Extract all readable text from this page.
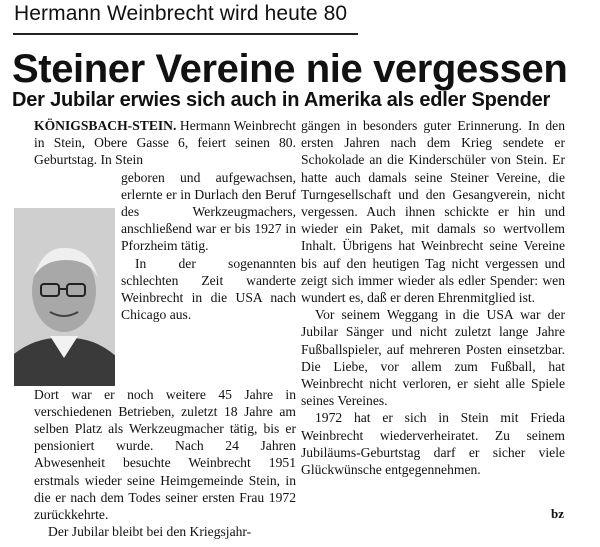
Hermann Weinbrecht wird heute 80
Steiner Vereine nie vergessen
Der Jubilar erwies sich auch in Amerika als edler Spender

KÖNIGSBACH-STEIN. Hermann Weinbrecht in Stein, Obere Gasse 6, feiert seinen 80. Geburtstag. In Stein

geboren und aufgewachsen, erlernte er in Durlach den Beruf des Werkzeugmachers, anschließend war er bis 1927 in Pforzheim tätig.

In der sogenannten schlechten Zeit wanderte Weinbrecht in die USA nach Chicago aus.

Dort war er noch weitere 45 Jahre in verschiedenen Betrieben, zuletzt 18 Jahre am selben Platz als Werkzeugmacher tätig, bis er pensioniert wurde. Nach 24 Jahren Abwesenheit besuchte Weinbrecht 1951 erstmals wieder seine Heimgemeinde Stein, in die er nach dem Todes seiner ersten Frau 1972 zurückkehrte.

Der Jubilar bleibt bei den Kriegsjahr-

gängen in besonders guter Erinnerung. In den ersten Jahren nach dem Krieg sendete er Schokolade an die Kinderschüler von Stein. Er hatte auch damals seine Steiner Vereine, die Turngesellschaft und den Gesangverein, nicht vergessen. Auch ihnen schickte er hin und wieder ein Paket, mit damals so wertvollem Inhalt. Übrigens hat Weinbrecht seine Vereine bis auf den heutigen Tag nicht vergessen und zeigt sich immer wieder als edler Spender: wen wundert es, daß er deren Ehrenmitglied ist.

Vor seinem Weggang in die USA war der Jubilar Sänger und nicht zuletzt lange Jahre Fußballspieler, auf mehreren Posten einsetzbar. Die Liebe, vor allem zum Fußball, hat Weinbrecht nicht verloren, er sieht alle Spiele seines Vereines.

1972 hat er sich in Stein mit Frieda Weinbrecht wiederverheiratet. Zu seinem Jubiläums-Geburtstag darf er sicher viele Glückwünsche entgegennehmen.

bz
